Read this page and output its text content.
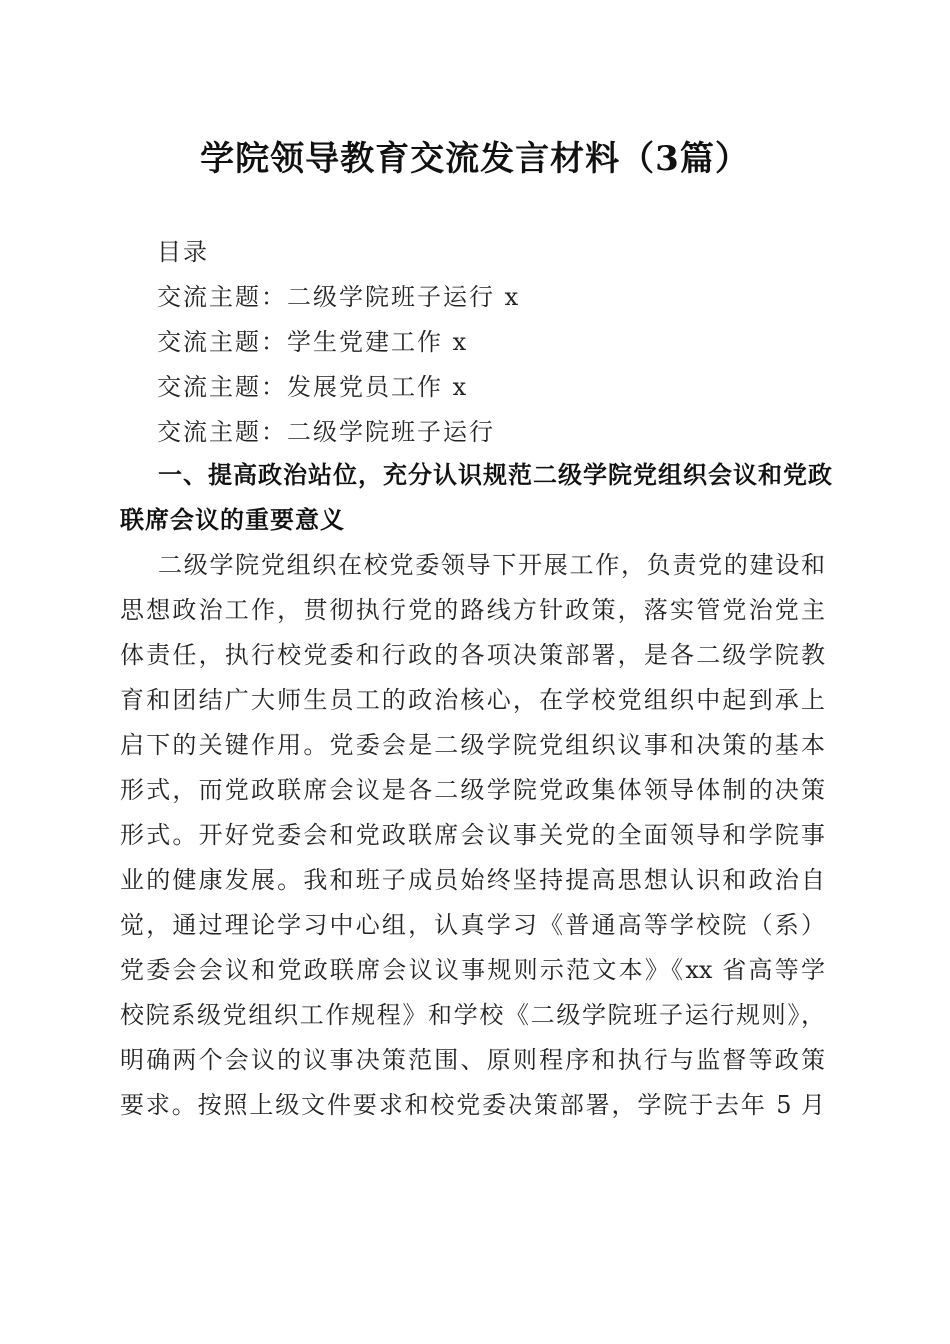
学院领导教育交流发言材料（3篇）
目录
交流主题：二级学院班子运行 x
交流主题：学生党建工作 x
交流主题：发展党员工作 x
交流主题：二级学院班子运行
一、提高政治站位，充分认识规范二级学院党组织会议和党政联席会议的重要意义
二级学院党组织在校党委领导下开展工作，负责党的建设和
思想政治工作，贯彻执行党的路线方针政策，落实管党治党主
体责任，执行校党委和行政的各项决策部署，是各二级学院教
育和团结广大师生员工的政治核心，在学校党组织中起到承上
启下的关键作用。党委会是二级学院党组织议事和决策的基本
形式，而党政联席会议是各二级学院党政集体领导体制的决策
形式。开好党委会和党政联席会议事关党的全面领导和学院事
业的健康发展。我和班子成员始终坚持提高思想认识和政治自
觉，通过理论学习中心组，认真学习《普通高等学校院（系）
党委会会议和党政联席会议议事规则示范文本》《xx 省高等学
校院系级党组织工作规程》和学校《二级学院班子运行规则》，
明确两个会议的议事决策范围、原则程序和执行与监督等政策
要求。按照上级文件要求和校党委决策部署，学院于去年 5 月
